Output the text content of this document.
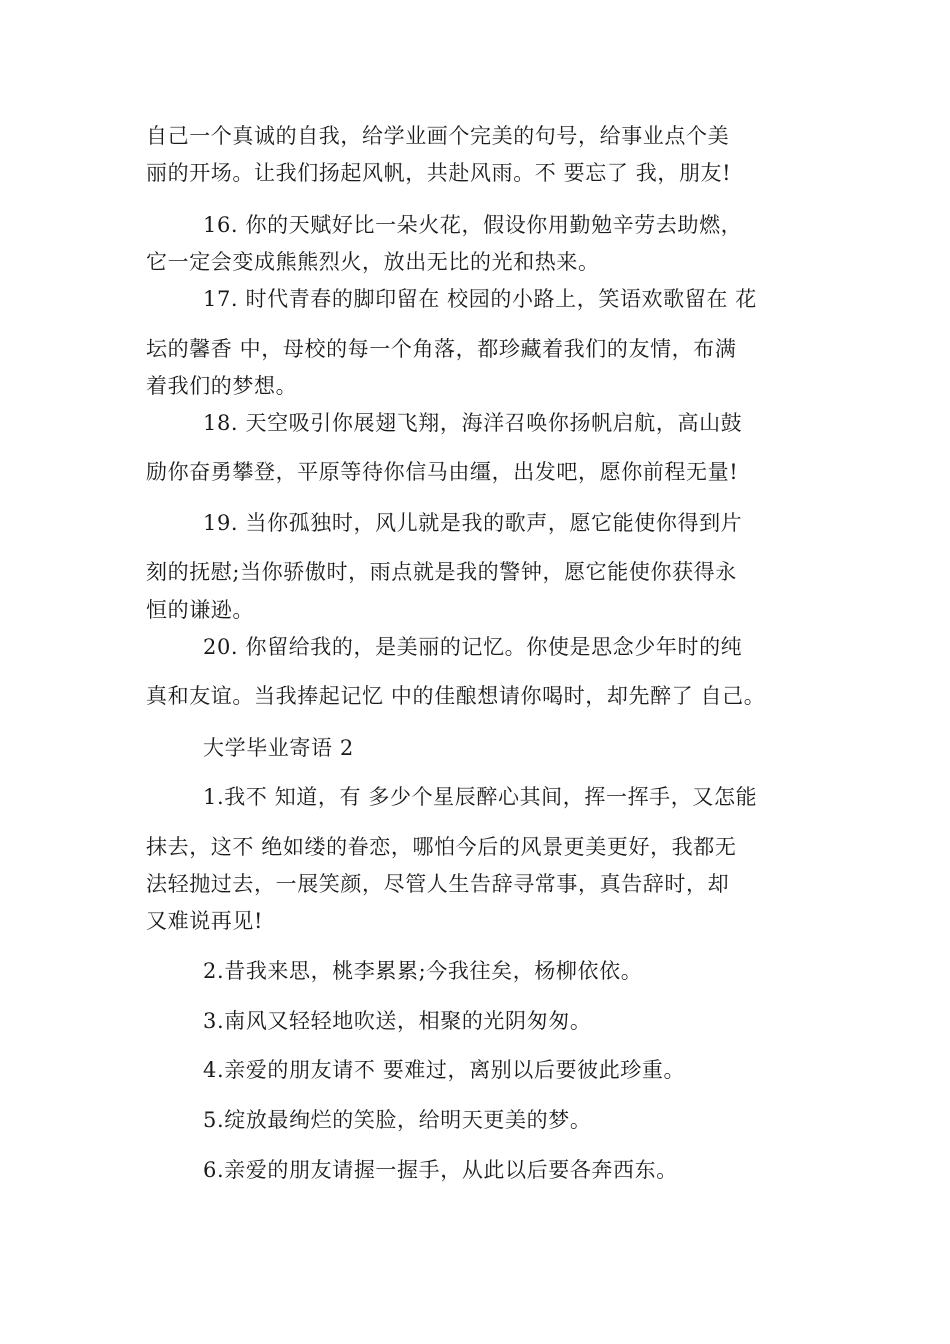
自己一个真诚的自我，给学业画个完美的句号，给事业点个美
丽的开场。让我们扬起风帆，共赴风雨。不 要忘了 我，朋友!
16. 你的天赋好比一朵火花，假设你用勤勉辛劳去助燃，
它一定会变成熊熊烈火，放出无比的光和热来。
17. 时代青春的脚印留在 校园的小路上，笑语欢歌留在 花
坛的馨香 中，母校的每一个角落，都珍藏着我们的友情，布满
着我们的梦想。
18. 天空吸引你展翅飞翔，海洋召唤你扬帆启航，高山鼓
励你奋勇攀登，平原等待你信马由缰，出发吧，愿你前程无量!
19. 当你孤独时，风儿就是我的歌声，愿它能使你得到片
刻的抚慰;当你骄傲时，雨点就是我的警钟，愿它能使你获得永
恒的谦逊。
20. 你留给我的，是美丽的记忆。你使是思念少年时的纯
真和友谊。当我捧起记忆 中的佳酿想请你喝时，却先醉了 自己。
大学毕业寄语 2
1.我不 知道，有 多少个星辰醉心其间，挥一挥手，又怎能
抹去，这不 绝如缕的眷恋，哪怕今后的风景更美更好，我都无
法轻抛过去，一展笑颜，尽管人生告辞寻常事，真告辞时，却
又难说再见!
2.昔我来思，桃李累累;今我往矣，杨柳依依。
3.南风又轻轻地吹送，相聚的光阴匆匆。
4.亲爱的朋友请不 要难过，离别以后要彼此珍重。
5.绽放最绚烂的笑脸，给明天更美的梦。
6.亲爱的朋友请握一握手，从此以后要各奔西东。
